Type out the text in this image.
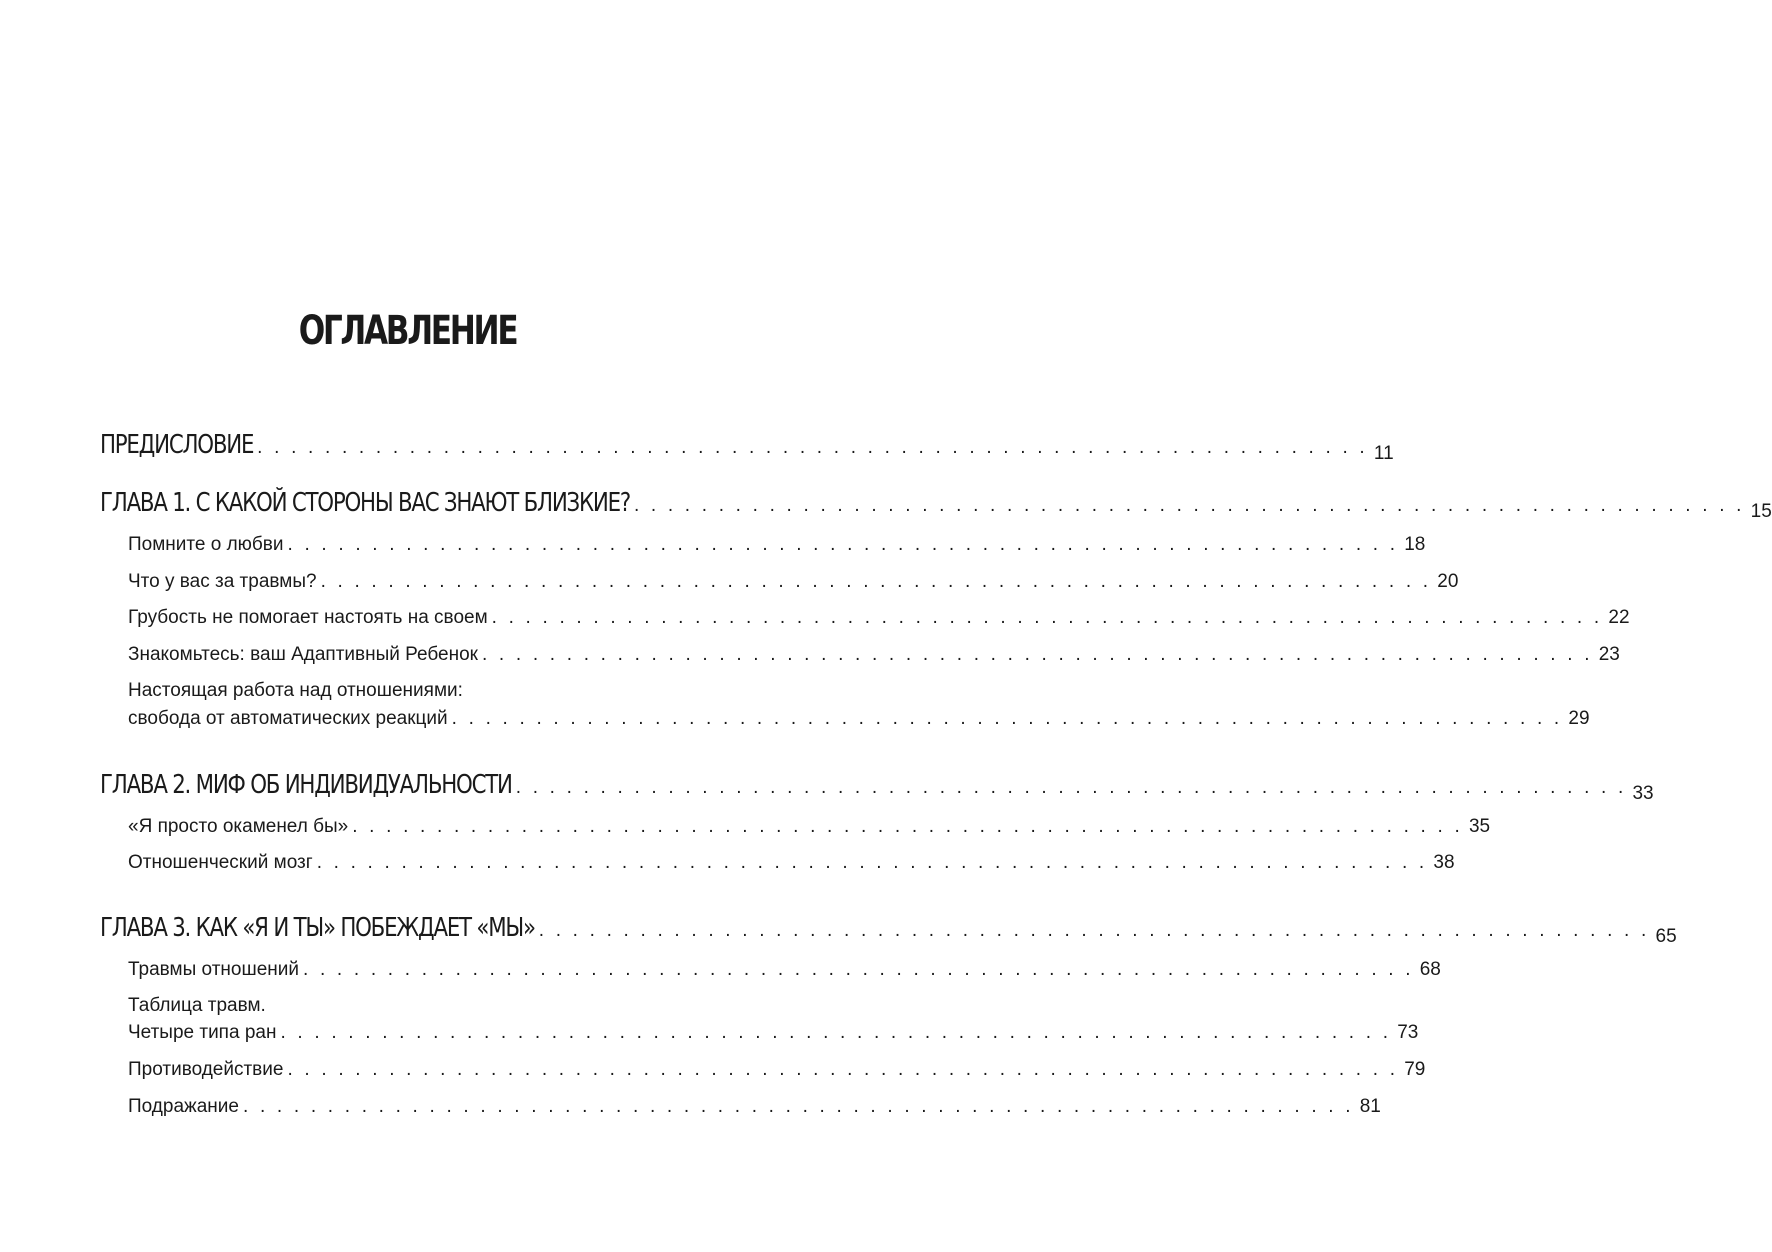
ОГЛАВЛЕНИЕ
ПРЕДИСЛОВИЕ . . . . . . . . . . . . . . . . . . . . . . . . . . . . . . . . . . . . . . . . . . . . . . . . . . . . . . . . . . . . . . . . . . 11
ГЛАВА 1. С КАКОЙ СТОРОНЫ ВАС ЗНАЮТ БЛИЗКИЕ? . . . . . . . . . . . . . . . . . . . . . . . . . . . . . . . . . . . . . . . . . . . . . . . . . . . . . . . . . . . . . . . . . . 15
Помните о любви . . . . . . . . . . . . . . . . . . . . . . . . . . . . . . . . . . . . . . . . . . . . . . . . . . . . . . . . . . . . . . . . . . 18
Что у вас за травмы? . . . . . . . . . . . . . . . . . . . . . . . . . . . . . . . . . . . . . . . . . . . . . . . . . . . . . . . . . . . . . . . . . . 20
Грубость не помогает настоять на своем . . . . . . . . . . . . . . . . . . . . . . . . . . . . . . . . . . . . . . . . . . . . . . . . . . . . . . . . . . . . . . . . . . 22
Знакомьтесь: ваш Адаптивный Ребенок . . . . . . . . . . . . . . . . . . . . . . . . . . . . . . . . . . . . . . . . . . . . . . . . . . . . . . . . . . . . . . . . . . 23
Настоящая работа над отношениями:
свобода от автоматических реакций . . . . . . . . . . . . . . . . . . . . . . . . . . . . . . . . . . . . . . . . . . . . . . . . . . . . . . . . . . . . . . . . . . 29
ГЛАВА 2. МИФ ОБ ИНДИВИДУАЛЬНОСТИ . . . . . . . . . . . . . . . . . . . . . . . . . . . . . . . . . . . . . . . . . . . . . . . . . . . . . . . . . . . . . . . . . . 33
«Я просто окаменел бы» . . . . . . . . . . . . . . . . . . . . . . . . . . . . . . . . . . . . . . . . . . . . . . . . . . . . . . . . . . . . . . . . . . 35
Отношенческий мозг . . . . . . . . . . . . . . . . . . . . . . . . . . . . . . . . . . . . . . . . . . . . . . . . . . . . . . . . . . . . . . . . . . 38
ГЛАВА 3. КАК «Я И ТЫ» ПОБЕЖДАЕТ «МЫ» . . . . . . . . . . . . . . . . . . . . . . . . . . . . . . . . . . . . . . . . . . . . . . . . . . . . . . . . . . . . . . . . . . 65
Травмы отношений . . . . . . . . . . . . . . . . . . . . . . . . . . . . . . . . . . . . . . . . . . . . . . . . . . . . . . . . . . . . . . . . . . 68
Таблица травм.
Четыре типа ран . . . . . . . . . . . . . . . . . . . . . . . . . . . . . . . . . . . . . . . . . . . . . . . . . . . . . . . . . . . . . . . . . . 73
Противодействие . . . . . . . . . . . . . . . . . . . . . . . . . . . . . . . . . . . . . . . . . . . . . . . . . . . . . . . . . . . . . . . . . . 79
Подражание . . . . . . . . . . . . . . . . . . . . . . . . . . . . . . . . . . . . . . . . . . . . . . . . . . . . . . . . . . . . . . . . . . 81
